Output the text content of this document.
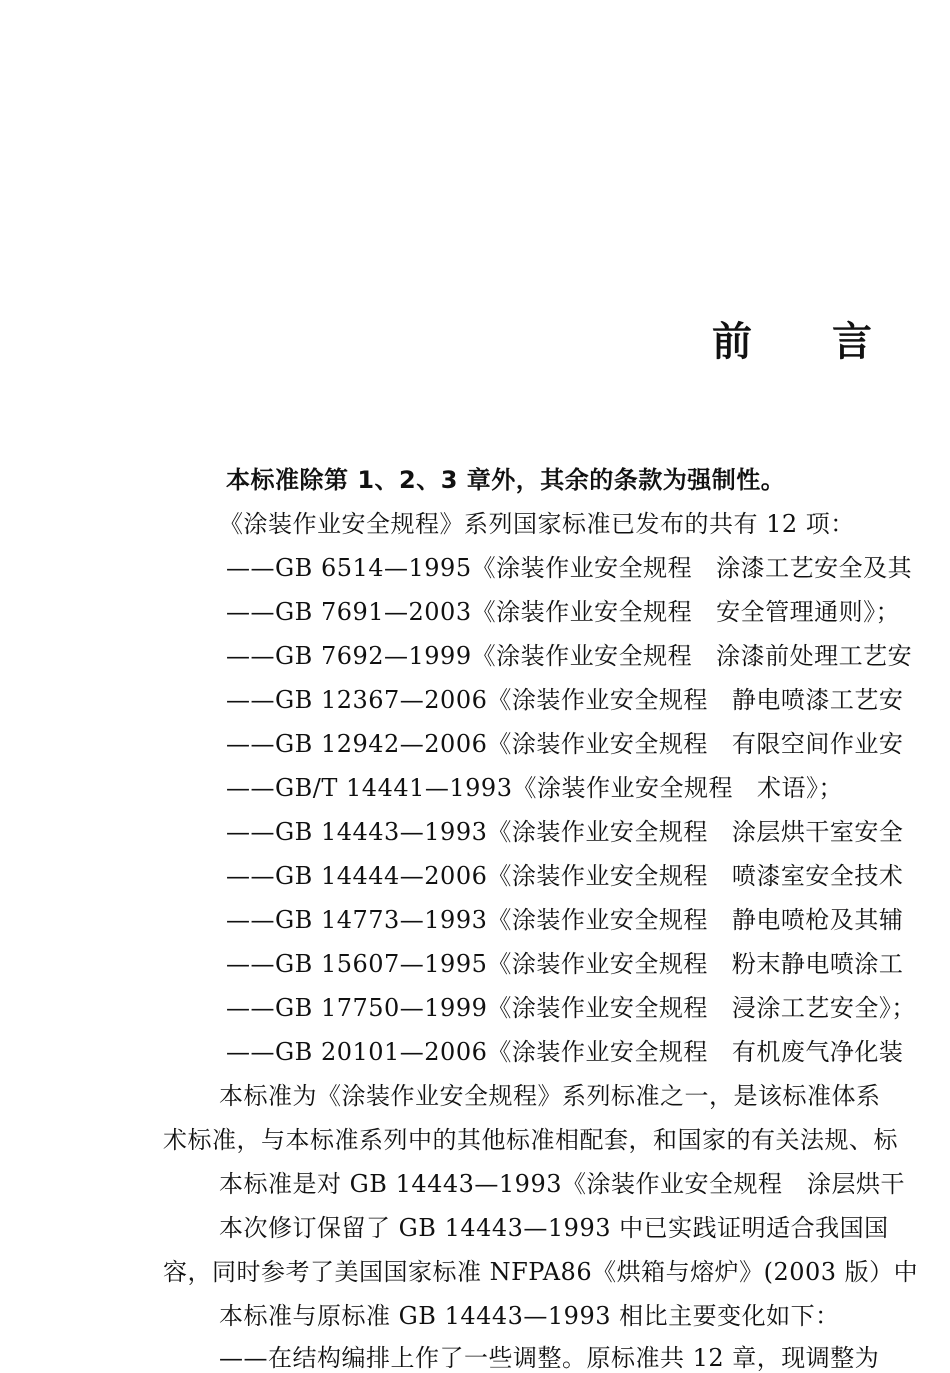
前　　言
本标准除第 1、2、3 章外，其余的条款为强制性。
《涂装作业安全规程》系列国家标准已发布的共有 12 项：
——GB 6514—1995《涂装作业安全规程 涂漆工艺安全及其
——GB 7691—2003《涂装作业安全规程 安全管理通则》；
——GB 7692—1999《涂装作业安全规程 涂漆前处理工艺安
——GB 12367—2006《涂装作业安全规程 静电喷漆工艺安
——GB 12942—2006《涂装作业安全规程 有限空间作业安
——GB/T 14441—1993《涂装作业安全规程 术语》；
——GB 14443—1993《涂装作业安全规程 涂层烘干室安全
——GB 14444—2006《涂装作业安全规程 喷漆室安全技术
——GB 14773—1993《涂装作业安全规程 静电喷枪及其辅
——GB 15607—1995《涂装作业安全规程 粉末静电喷涂工
——GB 17750—1999《涂装作业安全规程 浸涂工艺安全》；
——GB 20101—2006《涂装作业安全规程 有机废气净化装
本标准为《涂装作业安全规程》系列标准之一，是该标准体系
术标准，与本标准系列中的其他标准相配套，和国家的有关法规、标
本标准是对 GB 14443—1993《涂装作业安全规程　涂层烘干
本次修订保留了 GB 14443—1993 中已实践证明适合我国国
容，同时参考了美国国家标准 NFPA86《烘箱与熔炉》(2003 版）中
本标准与原标准 GB 14443—1993 相比主要变化如下：
——在结构编排上作了一些调整。原标准共 12 章，现调整为
